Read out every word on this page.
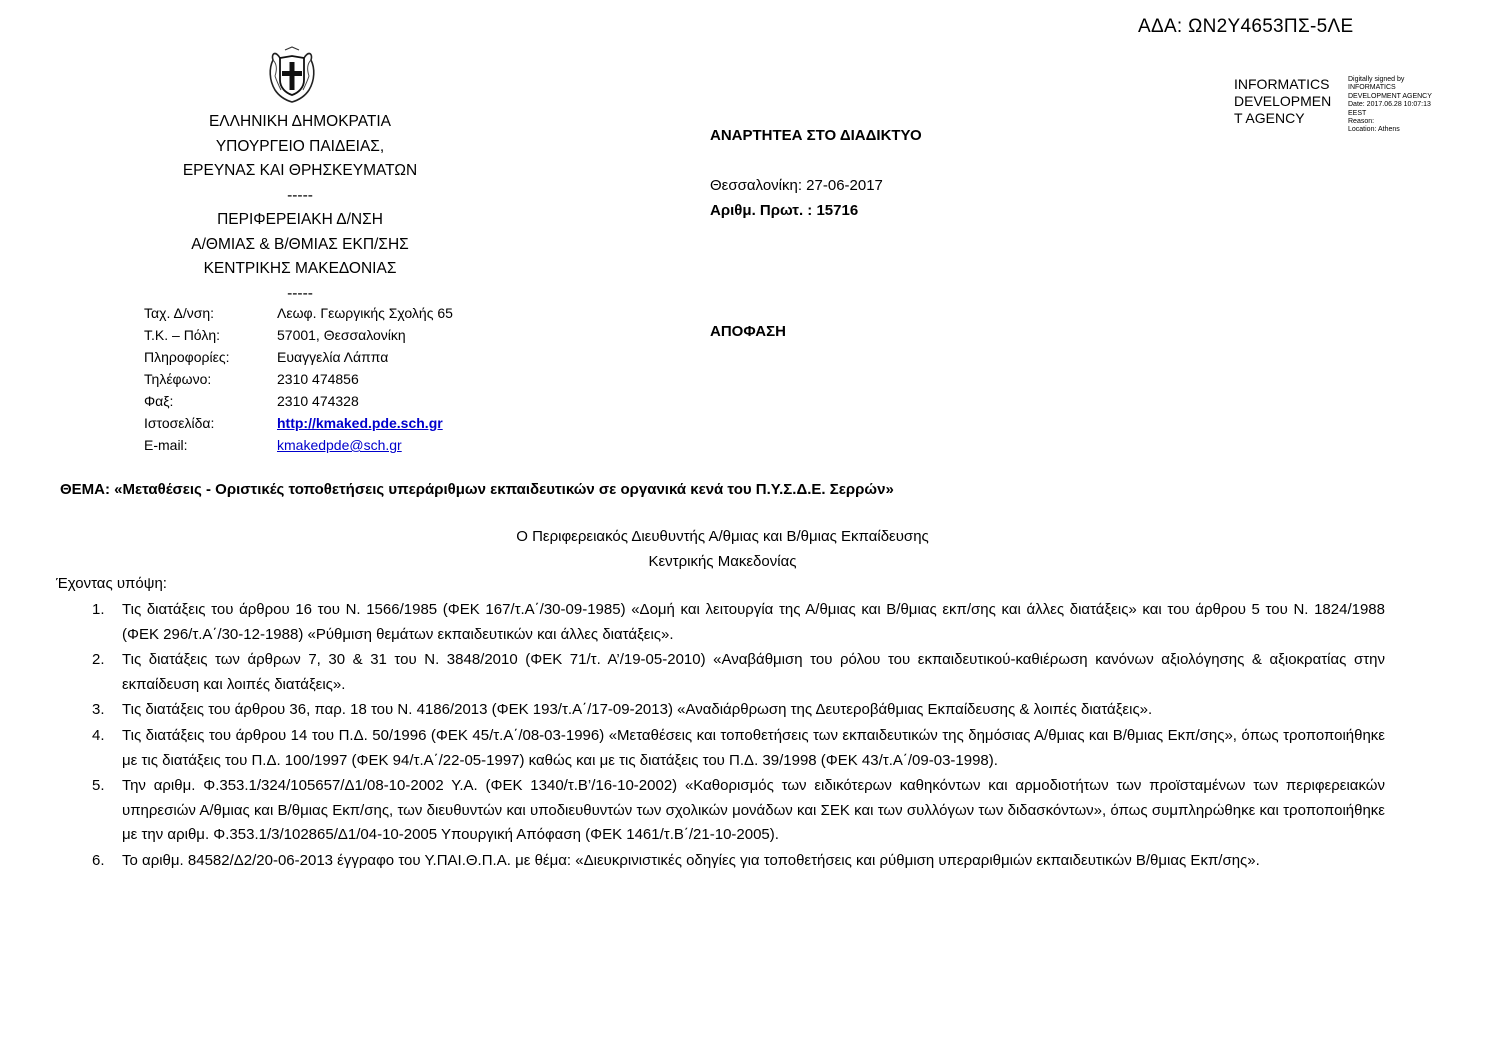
ΑΔΑ: ΩΝ2Υ4653ΠΣ-5ΛΕ
INFORMATICS
DEVELOPMEN
T AGENCY
Digitally signed by
INFORMATICS
DEVELOPMENT AGENCY
Date: 2017.06.28 10:07:13
EEST
Reason:
Location: Athens
ΕΛΛΗΝΙΚΗ ΔΗΜΟΚΡΑΤΙΑ
ΥΠΟΥΡΓΕΙΟ ΠΑΙΔΕΙΑΣ,
ΕΡΕΥΝΑΣ ΚΑΙ ΘΡΗΣΚΕΥΜΑΤΩΝ
-----
ΠΕΡΙΦΕΡΕΙΑΚΗ Δ/ΝΣΗ
Α/ΘΜΙΑΣ & Β/ΘΜΙΑΣ ΕΚΠ/ΣΗΣ
ΚΕΝΤΡΙΚΗΣ ΜΑΚΕΔΟΝΙΑΣ
-----
Ταχ. Δ/νση:	Λεωφ. Γεωργικής Σχολής 65
Τ.Κ. – Πόλη:	57001, Θεσσαλονίκη
Πληροφορίες:	Ευαγγελία Λάππα
Τηλέφωνο:	2310 474856
Φαξ:	2310 474328
Ιστοσελίδα:	http://kmaked.pde.sch.gr
E-mail:	kmakedpde@sch.gr
ΑΝΑΡΤΗΤΕΑ ΣΤΟ ΔΙΑΔΙΚΤΥΟ
Θεσσαλονίκη: 27-06-2017
Αριθμ. Πρωτ. : 15716
ΑΠΟΦΑΣΗ
ΘΕΜΑ: «Μεταθέσεις - Οριστικές τοποθετήσεις υπεράριθμων εκπαιδευτικών σε οργανικά κενά του Π.Υ.Σ.Δ.Ε. Σερρών»
Ο Περιφερειακός Διευθυντής Α/θμιας και Β/θμιας Εκπαίδευσης
Κεντρικής Μακεδονίας
Έχοντας υπόψη:
1. Τις διατάξεις του άρθρου 16 του Ν. 1566/1985 (ΦΕΚ 167/τ.Α΄/30-09-1985) «Δομή και λειτουργία της Α/θμιας και Β/θμιας εκπ/σης και άλλες διατάξεις» και του άρθρου 5 του Ν. 1824/1988 (ΦΕΚ 296/τ.Α΄/30-12-1988) «Ρύθμιση θεμάτων εκπαιδευτικών και άλλες διατάξεις».
2. Τις διατάξεις των άρθρων 7, 30 & 31 του Ν. 3848/2010 (ΦΕΚ 71/τ. Α’/19-05-2010) «Αναβάθμιση του ρόλου του εκπαιδευτικού-καθιέρωση κανόνων αξιολόγησης & αξιοκρατίας στην εκπαίδευση και λοιπές διατάξεις».
3. Τις διατάξεις του άρθρου 36, παρ. 18 του Ν. 4186/2013 (ΦΕΚ 193/τ.Α΄/17-09-2013) «Αναδιάρθρωση της Δευτεροβάθμιας Εκπαίδευσης & λοιπές διατάξεις».
4. Τις διατάξεις του άρθρου 14 του Π.Δ. 50/1996 (ΦΕΚ 45/τ.Α΄/08-03-1996) «Μεταθέσεις και τοποθετήσεις των εκπαιδευτικών της δημόσιας Α/θμιας και Β/θμιας Εκπ/σης», όπως τροποποιήθηκε με τις διατάξεις του Π.Δ. 100/1997 (ΦΕΚ 94/τ.Α΄/22-05-1997) καθώς και με τις διατάξεις του Π.Δ. 39/1998 (ΦΕΚ 43/τ.Α΄/09-03-1998).
5. Την αριθμ. Φ.353.1/324/105657/Δ1/08-10-2002 Υ.Α. (ΦΕΚ 1340/τ.Β’/16-10-2002) «Καθορισμός των ειδικότερων καθηκόντων και αρμοδιοτήτων των προϊσταμένων των περιφερειακών υπηρεσιών Α/θμιας και Β/θμιας Εκπ/σης, των διευθυντών και υποδιευθυντών των σχολικών μονάδων και ΣΕΚ και των συλλόγων των διδασκόντων», όπως συμπληρώθηκε και τροποποιήθηκε με την αριθμ. Φ.353.1/3/102865/Δ1/04-10-2005 Υπουργική Απόφαση (ΦΕΚ 1461/τ.Β΄/21-10-2005).
6. Το αριθμ. 84582/Δ2/20-06-2013 έγγραφο του Υ.ΠΑΙ.Θ.Π.Α. με θέμα: «Διευκρινιστικές οδηγίες για τοποθετήσεις και ρύθμιση υπεραριθμιών εκπαιδευτικών Β/θμιας Εκπ/σης».
